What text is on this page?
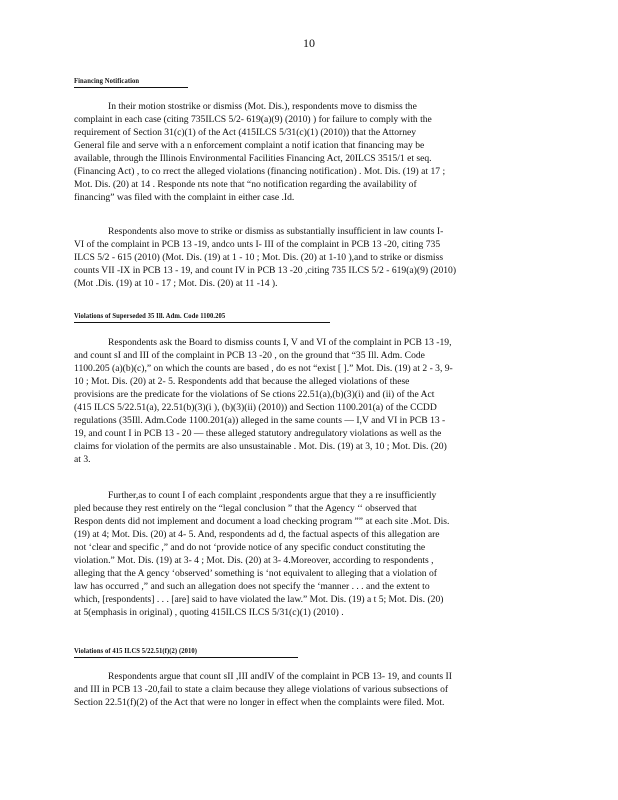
10
Financing Notification
In their motion stostrike or dismiss (Mot. Dis.), respondents move to dismiss the
complaint in each case (citing 735ILCS 5/2- 619(a)(9) (2010) ) for failure to comply with the
requirement of Section 31(c)(1) of the Act (415ILCS 5/31(c)(1) (2010)) that the Attorney
General file and serve with a n enforcement complaint a notif ication that financing may be
available, through the Illinois Environmental Facilities Financing Act, 20ILCS 3515/1 et seq.
(Financing Act) , to co rrect the alleged violations (financing notification) . Mot. Dis. (19) at 17 ;
Mot. Dis. (20) at 14 . Responde nts note that “no notification regarding the availability of
financing” was filed with the complaint in either case .Id.
Respondents also move to strike or dismiss as substantially insufficient in law counts I-
VI of the complaint in PCB 13 -19, andco unts I- III of the complaint in PCB 13 -20, citing 735
ILCS 5/2 - 615 (2010) (Mot. Dis. (19) at 1 - 10 ; Mot. Dis. (20) at 1-10 ),and to strike or dismiss
counts VII -IX in PCB 13 - 19, and count IV in PCB 13 -20 ,citing 735 ILCS 5/2 - 619(a)(9) (2010)
(Mot .Dis. (19) at 10 - 17 ; Mot. Dis. (20) at 11 -14 ).
Violations of Superseded 35 Ill. Adm. Code 1100.205
Respondents ask the Board to dismiss counts I, V and VI of the complaint in PCB 13 -19,
and count sI and III of the complaint in PCB 13 -20 , on the ground that “35 Ill. Adm. Code
1100.205 (a)(b)(c),” on which the counts are based , do es not “exist [ ].” Mot. Dis. (19) at 2 - 3, 9-
10 ; Mot. Dis. (20) at 2- 5. Respondents add that because the alleged violations of these
provisions are the predicate for the violations of Se ctions 22.51(a),(b)(3)(i) and (ii) of the Act
(415 ILCS 5/22.51(a), 22.51(b)(3)(i ), (b)(3)(ii) (2010)) and Section 1100.201(a) of the CCDD
regulations (35Ill. Adm.Code 1100.201(a)) alleged in the same counts — I,V and VI in PCB 13 -
19, and count I in PCB 13 - 20 — these alleged statutory andregulatory violations as well as the
claims for violation of the permits are also unsustainable . Mot. Dis. (19) at 3, 10 ; Mot. Dis. (20)
at 3.
Further,as to count I of each complaint ,respondents argue that they a re insufficiently
pled because they rest entirely on the “legal conclusion ” that the Agency ‘‘ observed that
Respon dents did not implement and document a load checking program ”” at each site .Mot. Dis.
(19) at 4; Mot. Dis. (20) at 4- 5. And, respondents ad d, the factual aspects of this allegation are
not ‘clear and specific ,” and do not ‘provide notice of any specific conduct constituting the
violation.” Mot. Dis. (19) at 3- 4 ; Mot. Dis. (20) at 3- 4.Moreover, according to respondents ,
alleging that the A gency ‘observed’ something is ‘not equivalent to alleging that a violation of
law has occurred ,” and such an allegation does not specify the ‘manner . . . and the extent to
which, [respondents] . . . [are] said to have violated the law.” Mot. Dis. (19) a t 5; Mot. Dis. (20)
at 5(emphasis in original) , quoting 415ILCS ILCS 5/31(c)(1) (2010) .
Violations of 415 ILCS 5/22.51(f)(2) (2010)
Respondents argue that count sII ,III andIV of the complaint in PCB 13- 19, and counts II
and III in PCB 13 -20,fail to state a claim because they allege violations of various subsections of
Section 22.51(f)(2) of the Act that were no longer in effect when the complaints were filed. Mot.
